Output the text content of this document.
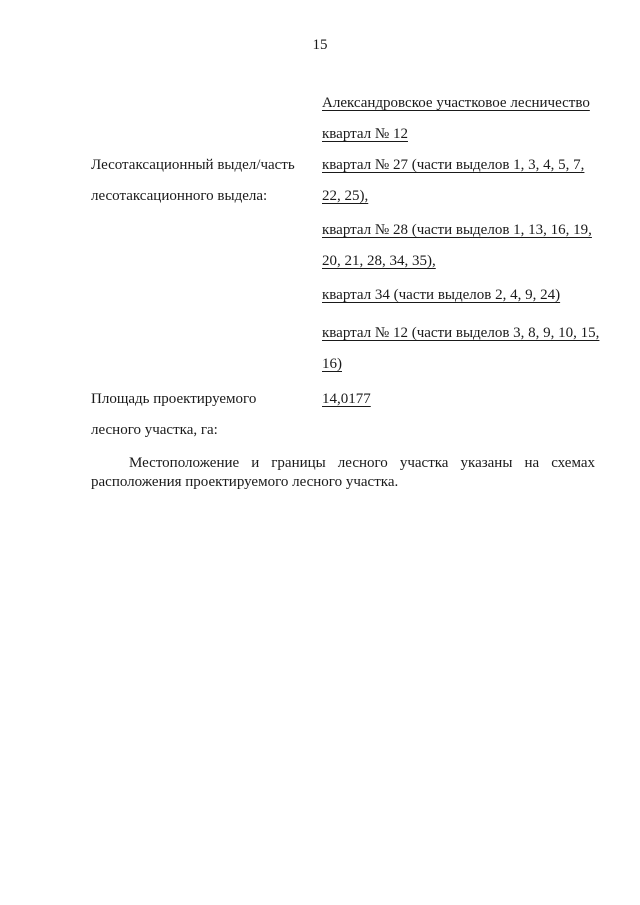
15
Александровское участковое лесничество
квартал № 12
Лесотаксационный выдел/часть лесотаксационного выдела:
квартал № 27 (части выделов 1, 3, 4, 5, 7, 22, 25),
квартал № 28 (части выделов 1, 13, 16, 19, 20, 21, 28, 34, 35),
квартал 34 (части выделов 2, 4, 9, 24)
квартал № 12 (части выделов 3, 8, 9, 10, 15, 16)
Площадь проектируемого лесного участка, га:
14,0177
Местоположение и границы лесного участка указаны на схемах расположения проектируемого лесного участка.
